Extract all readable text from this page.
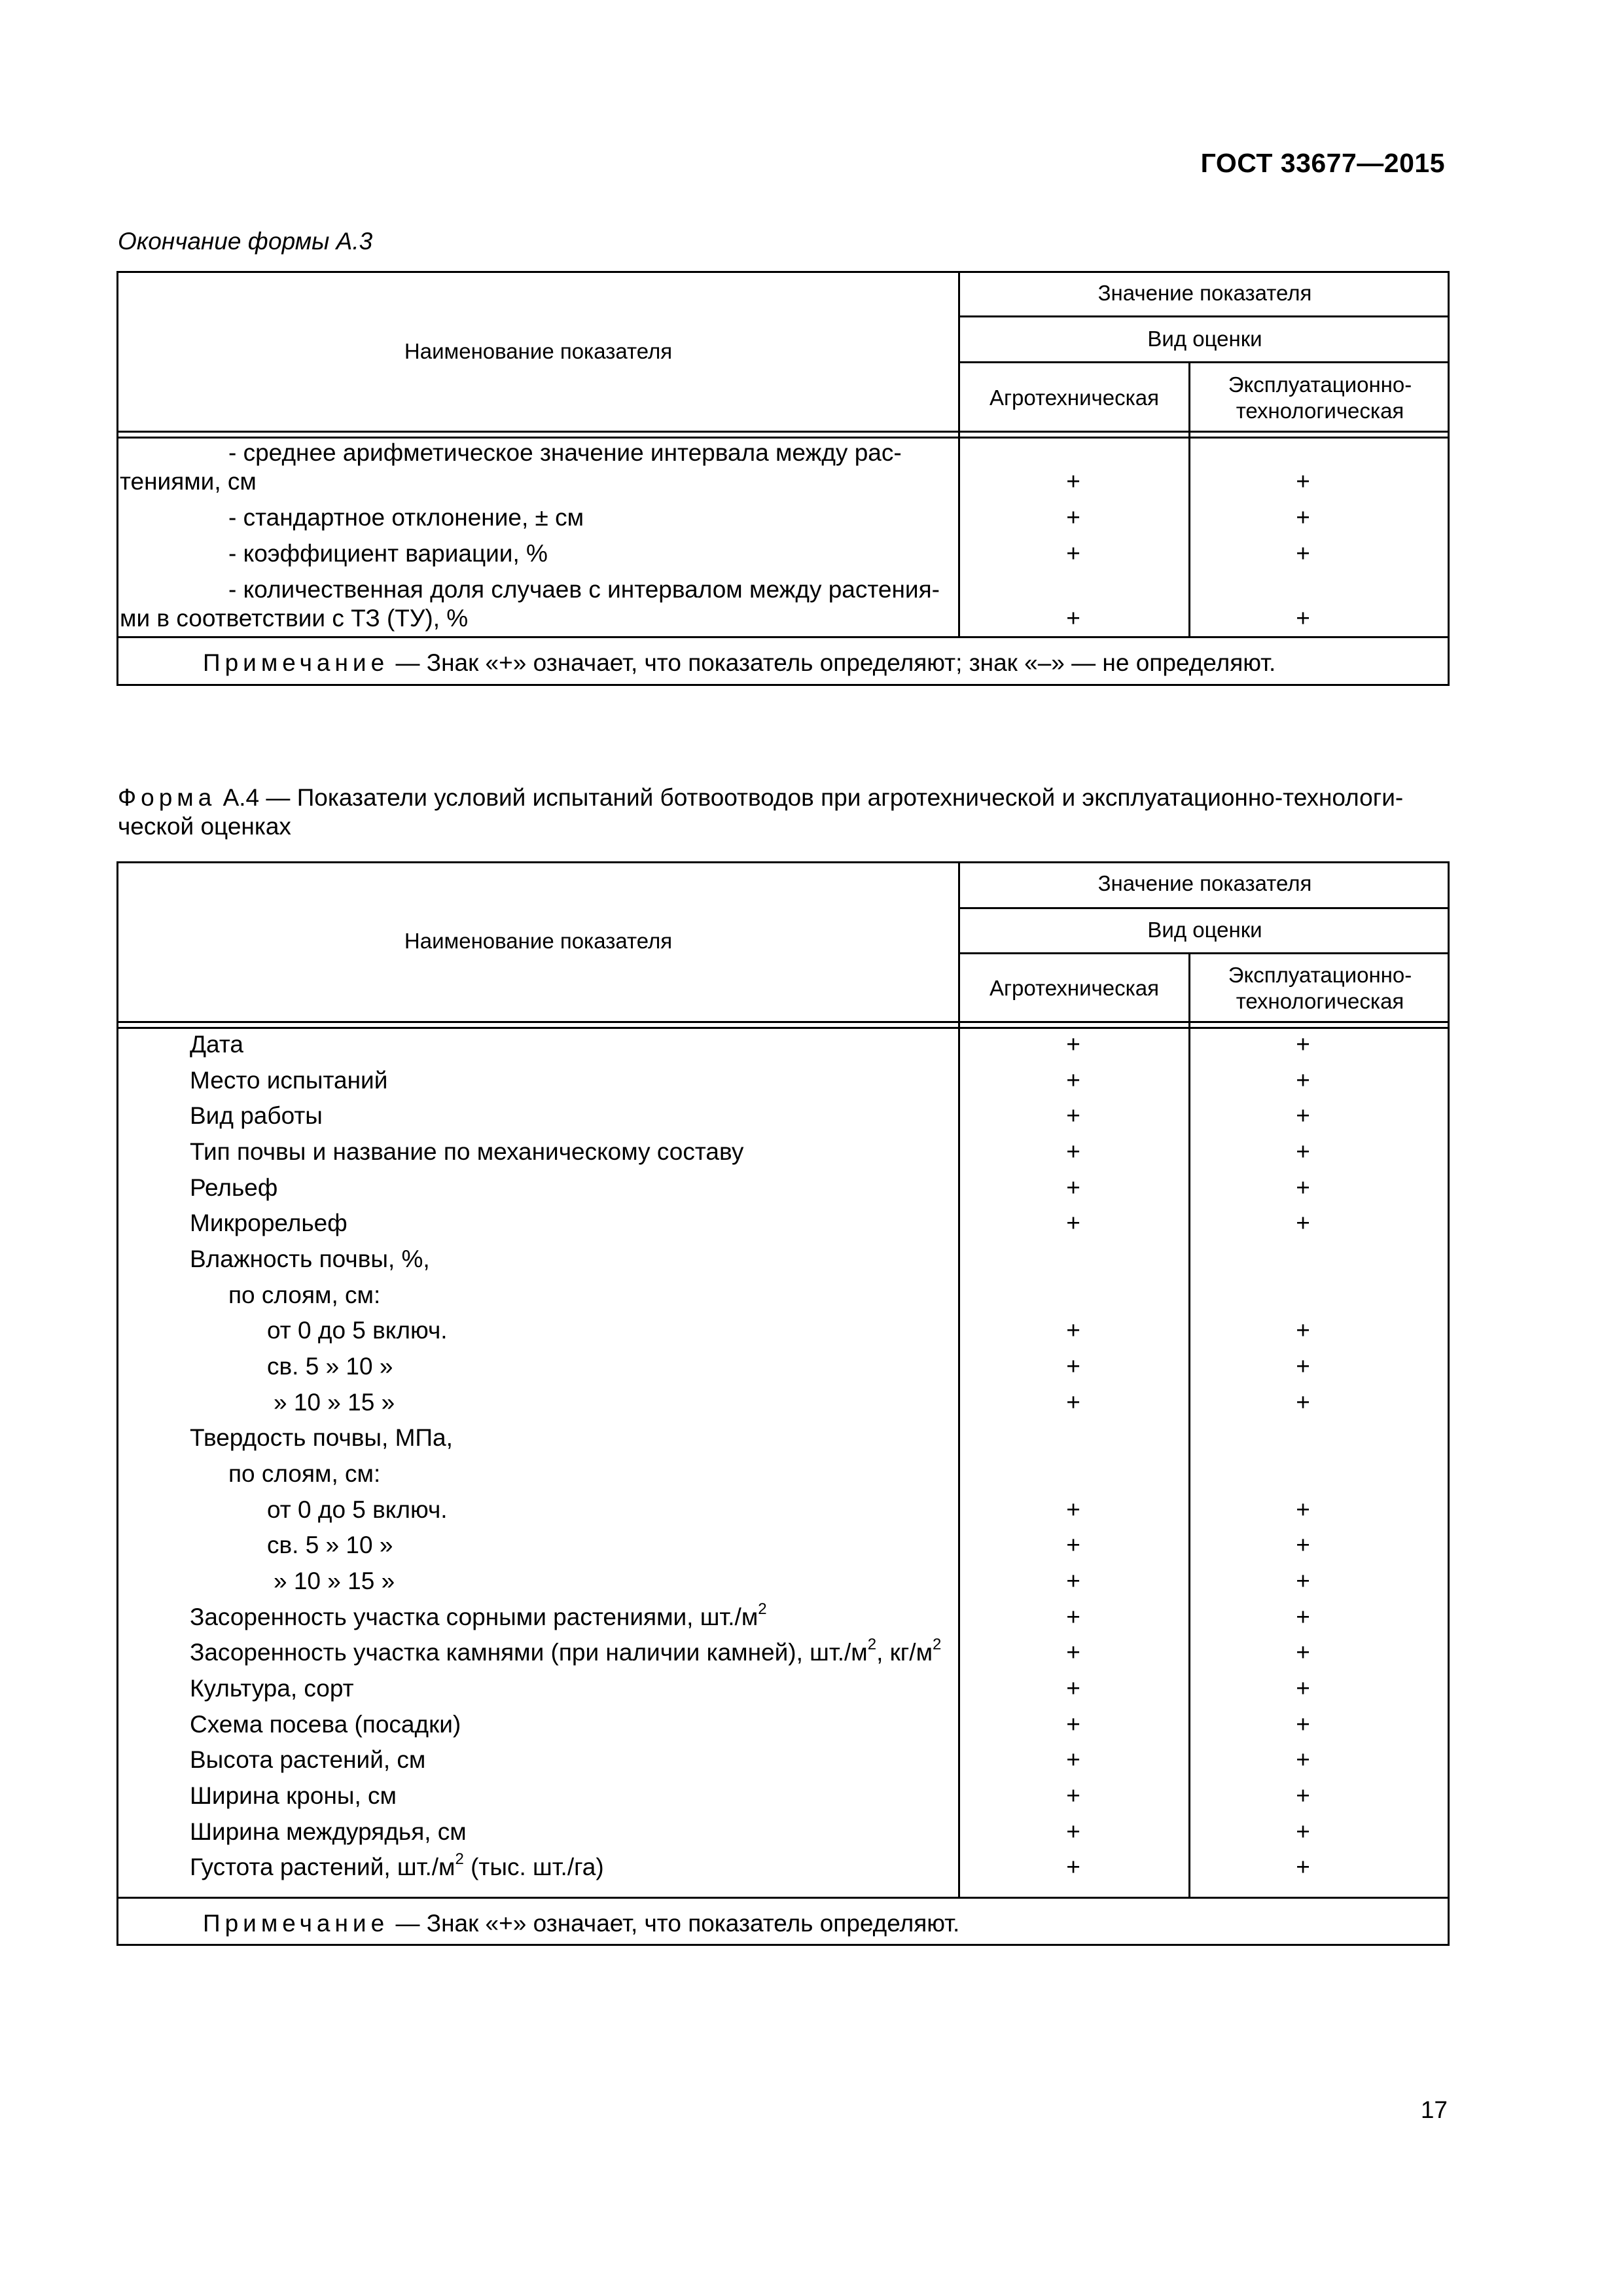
ГОСТ 33677—2015
Окончание формы А.3
Наименование показателя
Значение показателя
Вид оценки
Агротехническая
Эксплуатационно-
технологическая
- среднее арифметическое значение интервала между рас-
тениями, см	+	+
- стандартное отклонение, ± см	+	+
- коэффициент вариации, %	+	+
- количественная доля случаев с интервалом между растения-
ми в соответствии с ТЗ (ТУ), %	+	+
Примечание — Знак «+» означает, что показатель определяют; знак «–» — не определяют.
Форма А.4 — Показатели условий испытаний ботвоотводов при агротехнической и эксплуатационно-технологи-
ческой оценках
Наименование показателя
Значение показателя
Вид оценки
Агротехническая
Эксплуатационно-
технологическая
Дата	+	+
Место испытаний	+	+
Вид работы	+	+
Тип почвы и название по механическому составу	+	+
Рельеф	+	+
Микрорельеф	+	+
Влажность почвы, %,
по слоям, см:
от 0 до 5 включ.	+	+
св. 5 » 10 »	+	+
» 10 » 15 »	+	+
Твердость почвы, МПа,
по слоям, см:
от 0 до 5 включ.	+	+
св. 5 » 10 »	+	+
» 10 » 15 »	+	+
Засоренность участка сорными растениями, $шт./м^2$	+	+
Засоренность участка камнями (при наличии камней), $шт./м^2$, $кг/м^2$	+	+
Культура, сорт	+	+
Схема посева (посадки)	+	+
Высота растений, см	+	+
Ширина кроны, см	+	+
Ширина междурядья, см	+	+
Густота растений, $шт./м^2$ (тыс. шт./га)	+	+
Примечание — Знак «+» означает, что показатель определяют.
17
